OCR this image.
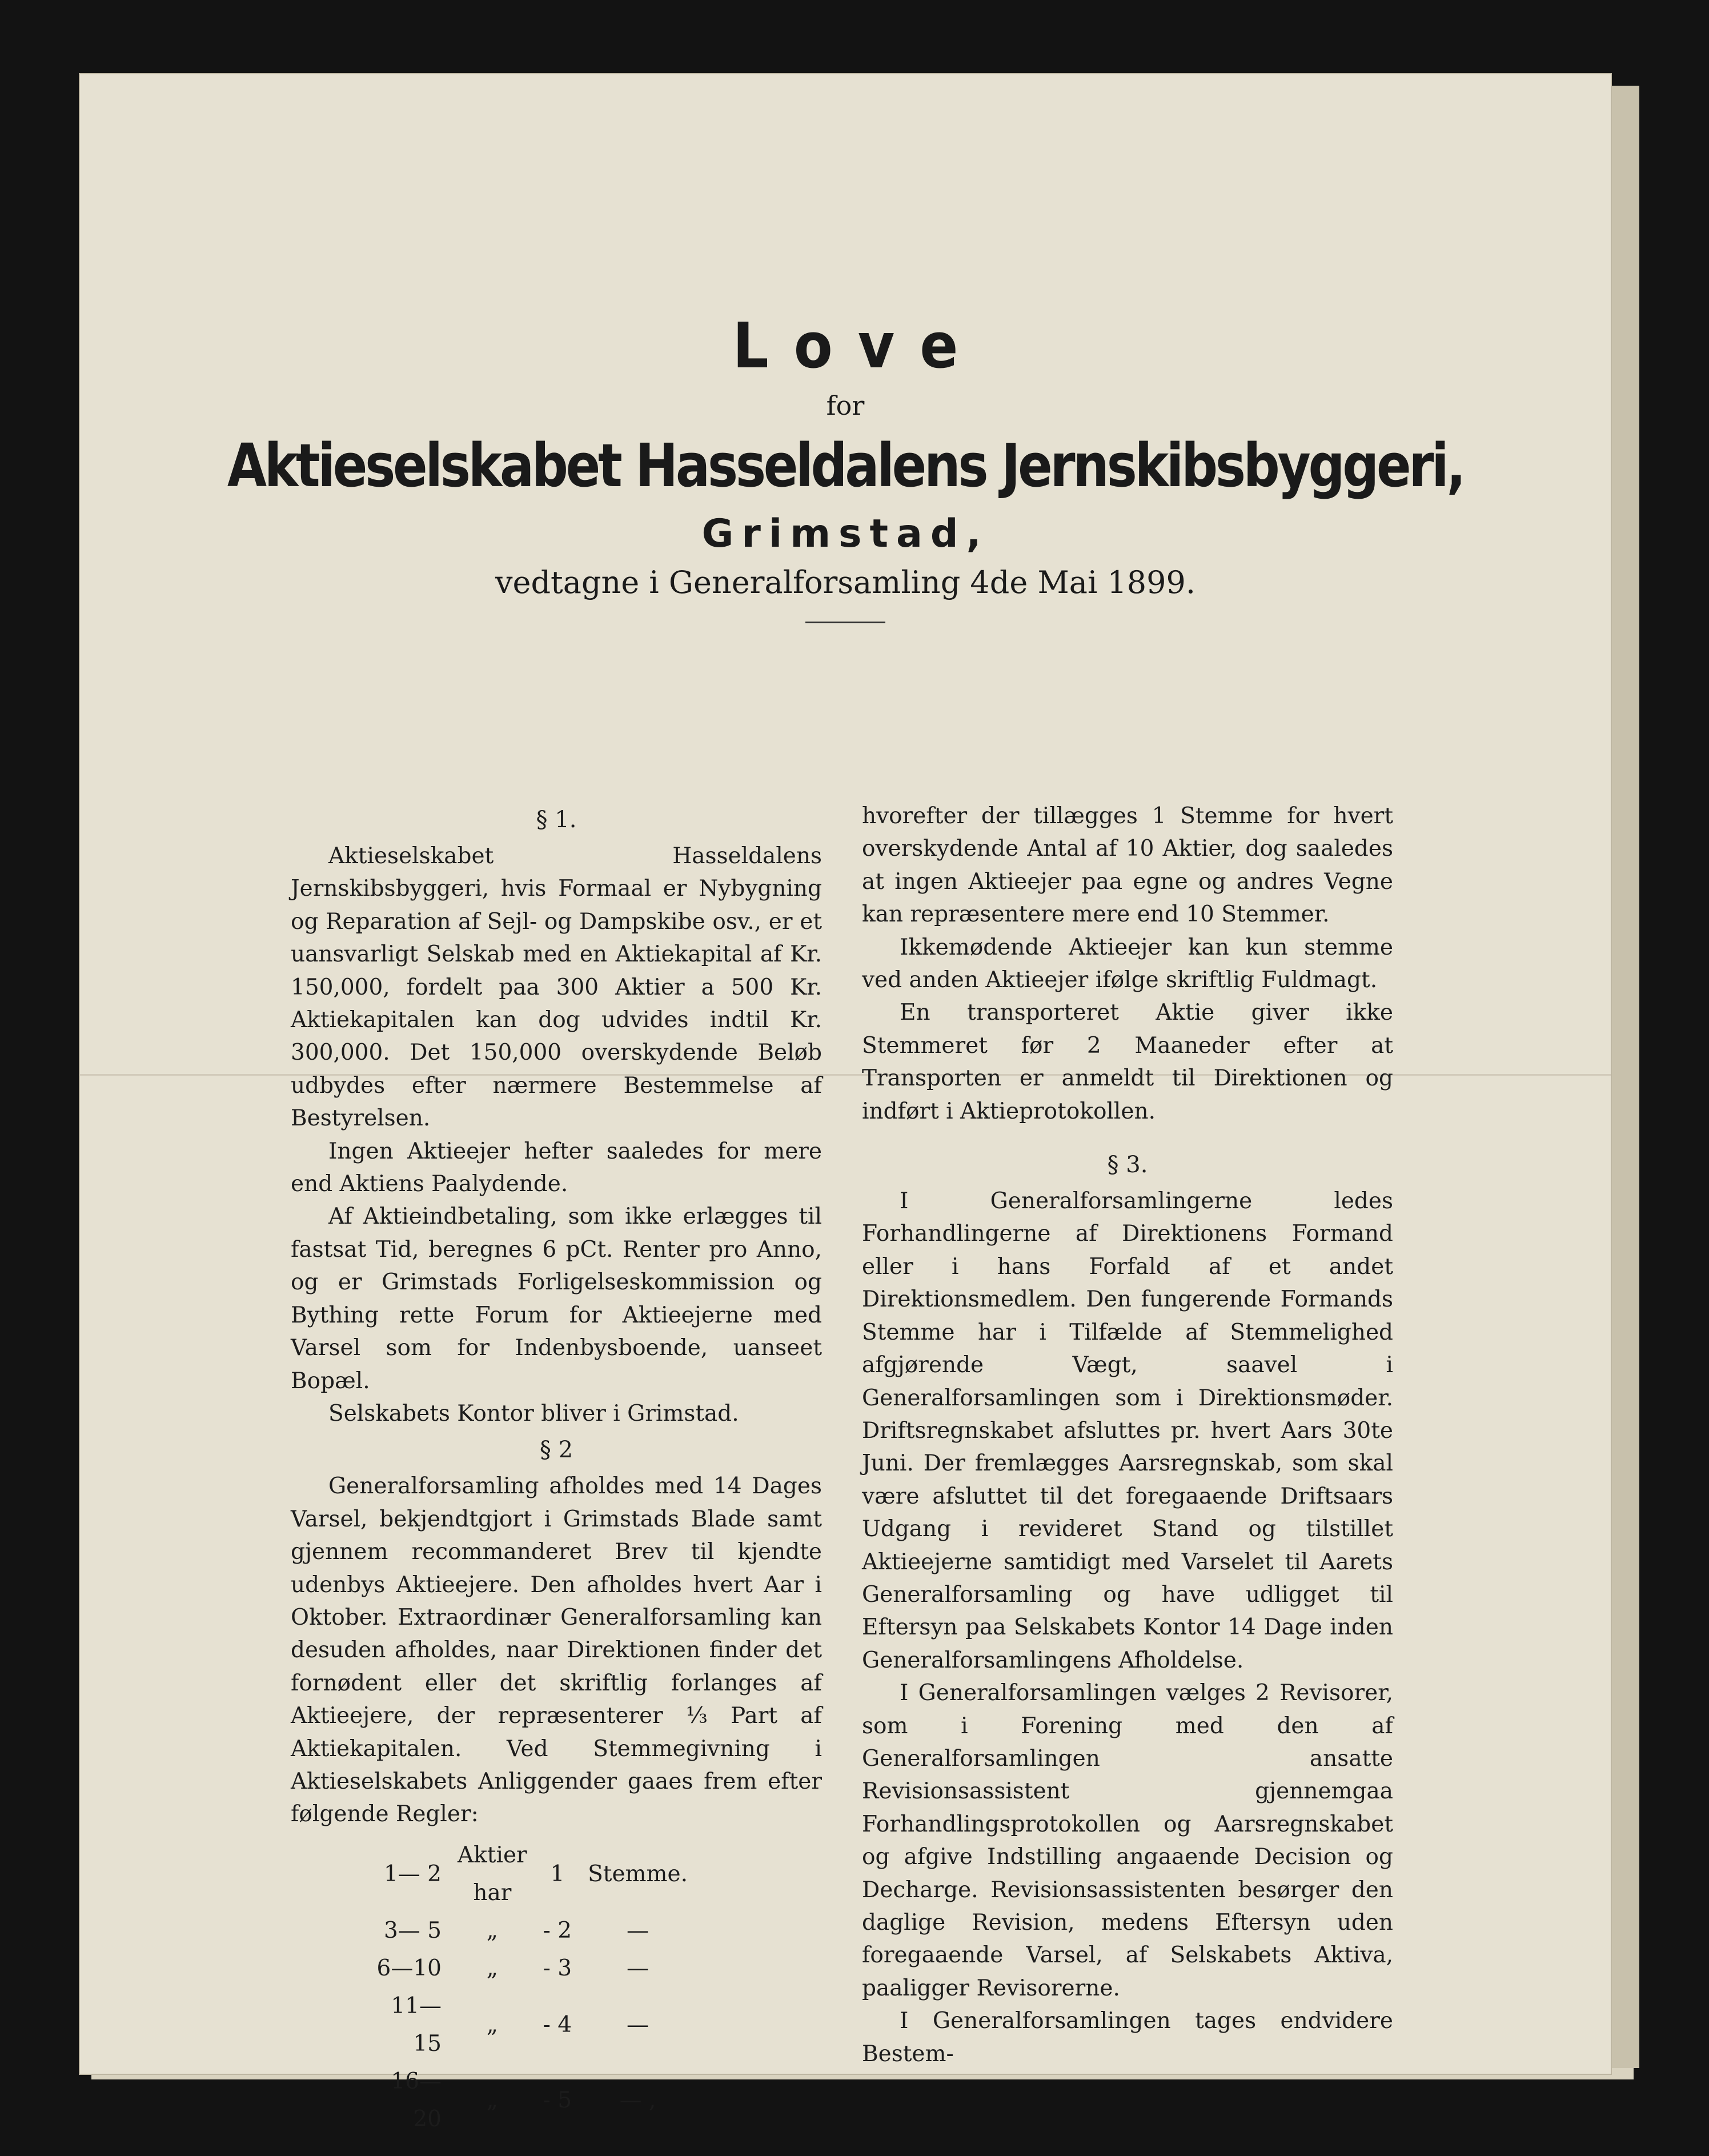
Love

for

Aktieselskabet Hasseldalens Jernskibsbyggeri,

Grimstad,

vedtagne i Generalforsamling 4de Mai 1899.

§ 1.

Aktieselskabet Hasseldalens Jernskibsbyggeri, hvis Formaal er Nybygning og Reparation af Sejl- og Dampskibe osv., er et uansvarligt Selskab med en Aktiekapital af Kr. 150,000, fordelt paa 300 Aktier a 500 Kr. Aktiekapitalen kan dog udvides indtil Kr. 300,000. Det 150,000 overskydende Beløb udbydes efter nærmere Bestemmelse af Bestyrelsen.

Ingen Aktieejer hefter saaledes for mere end Aktiens Paalydende.

Af Aktieindbetaling, som ikke erlægges til fastsat Tid, beregnes 6 pCt. Renter pro Anno, og er Grimstads Forligelseskommission og Bything rette Forum for Aktieejerne med Varsel som for Indenbysboende, uanseet Bopæl.

Selskabets Kontor bliver i Grimstad.

§ 2

Generalforsamling afholdes med 14 Dages Varsel, bekjendtgjort i Grimstads Blade samt gjennem recommanderet Brev til kjendte udenbys Aktieejere. Den afholdes hvert Aar i Oktober. Extraordinær Generalforsamling kan desuden afholdes, naar Direktionen finder det fornødent eller det skriftlig forlanges af Aktieejere, der repræsenterer ⅓ Part af Aktiekapitalen. Ved Stemmegivning i Aktieselskabets Anliggender gaaes frem efter følgende Regler:

1— 2	Aktier har	1	Stemme.
3— 5	„	- 2	—
6—10	„	- 3	—
11—15	„	- 4	—
16—20	„	- 5	— ,

hvorefter der tillægges 1 Stemme for hvert overskydende Antal af 10 Aktier, dog saaledes at ingen Aktieejer paa egne og andres Vegne kan repræsentere mere end 10 Stemmer.

Ikkemødende Aktieejer kan kun stemme ved anden Aktieejer ifølge skriftlig Fuldmagt.

En transporteret Aktie giver ikke Stemmeret før 2 Maaneder efter at Transporten er anmeldt til Direktionen og indført i Aktieprotokollen.

§ 3.

I Generalforsamlingerne ledes Forhandlingerne af Direktionens Formand eller i hans Forfald af et andet Direktionsmedlem. Den fungerende Formands Stemme har i Tilfælde af Stemmelighed afgjørende Vægt, saavel i Generalforsamlingen som i Direktionsmøder. Driftsregnskabet afsluttes pr. hvert Aars 30te Juni. Der fremlægges Aarsregnskab, som skal være afsluttet til det foregaaende Driftsaars Udgang i revideret Stand og tilstillet Aktieejerne samtidigt med Varselet til Aarets Generalforsamling og have udligget til Eftersyn paa Selskabets Kontor 14 Dage inden Generalforsamlingens Afholdelse.

I Generalforsamlingen vælges 2 Revisorer, som i Forening med den af Generalforsamlingen ansatte Revisionsassistent gjennemgaa Forhandlingsprotokollen og Aarsregnskabet og afgive Indstilling angaaende Decision og Decharge. Revisionsassistenten besørger den daglige Revision, medens Eftersyn uden foregaaende Varsel, af Selskabets Aktiva, paaligger Revisorerne.

I Generalforsamlingen tages endvidere Bestem-
